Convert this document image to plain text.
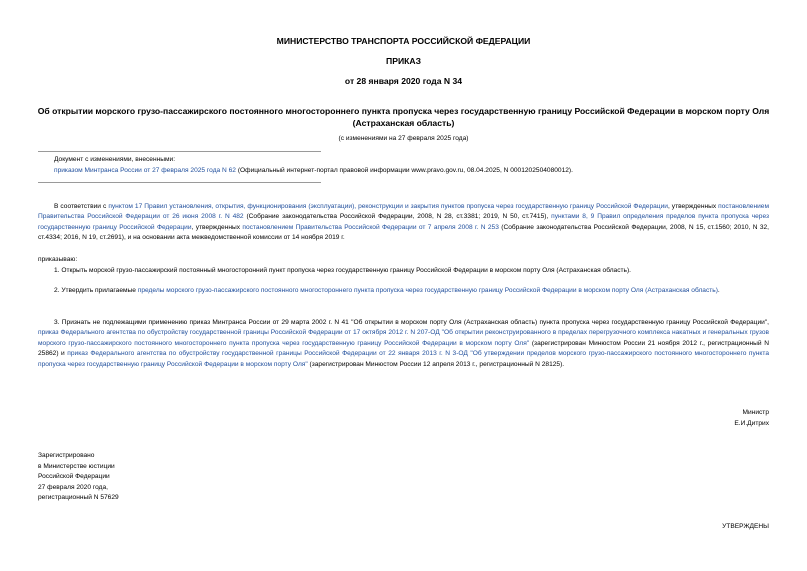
МИНИСТЕРСТВО ТРАНСПОРТА РОССИЙСКОЙ ФЕДЕРАЦИИ
ПРИКАЗ
от 28 января 2020 года N 34
Об открытии морского грузо-пассажирского постоянного многостороннего пункта пропуска через государственную границу Российской Федерации в морском порту Оля (Астраханская область)
(с изменениями на 27 февраля 2025 года)
Документ с изменениями, внесенными:
приказом Минтранса России от 27 февраля 2025 года N 62 (Официальный интернет-портал правовой информации www.pravo.gov.ru, 08.04.2025, N 0001202504080012).
В соответствии с пунктом 17 Правил установления, открытия, функционирования (эксплуатации), реконструкции и закрытия пунктов пропуска через государственную границу Российской Федерации, утвержденных постановлением Правительства Российской Федерации от 26 июня 2008 г. N 482 (Собрание законодательства Российской Федерации, 2008, N 28, ст.3381; 2019, N 50, ст.7415), пунктами 8, 9 Правил определения пределов пункта пропуска через государственную границу Российской Федерации, утвержденных постановлением Правительства Российской Федерации от 7 апреля 2008 г. N 253 (Собрание законодательства Российской Федерации, 2008, N 15, ст.1560; 2010, N 32, ст.4334; 2016, N 19, ст.2691), и на основании акта межведомственной комиссии от 14 ноября 2019 г.
приказываю:
1. Открыть морской грузо-пассажирский постоянный многосторонний пункт пропуска через государственную границу Российской Федерации в морском порту Оля (Астраханская область).
2. Утвердить прилагаемые пределы морского грузо-пассажирского постоянного многостороннего пункта пропуска через государственную границу Российской Федерации в морском порту Оля (Астраханская область).
3. Признать не подлежащими применению приказ Минтранса России от 29 марта 2002 г. N 41 "Об открытии в морском порту Оля (Астраханская область) пункта пропуска через государственную границу Российской Федерации", приказ Федерального агентства по обустройству государственной границы Российской Федерации от 17 октября 2012 г. N 207-ОД "Об открытии реконструированного в пределах перегрузочного комплекса накатных и генеральных грузов морского грузо-пассажирского постоянного многостороннего пункта пропуска через государственную границу Российской Федерации в морском порту Оля" (зарегистрирован Минюстом России 21 ноября 2012 г., регистрационный N 25862) и приказ Федерального агентства по обустройству государственной границы Российской Федерации от 22 января 2013 г. N 3-ОД "Об утверждении пределов морского грузо-пассажирского постоянного многостороннего пункта пропуска через государственную границу Российской Федерации в морском порту Оля" (зарегистрирован Минюстом России 12 апреля 2013 г., регистрационный N 28125).
Министр
Е.И.Дитрих
Зарегистрировано
в Министерстве юстиции
Российской Федерации
27 февраля 2020 года,
регистрационный N 57629
УТВЕРЖДЕНЫ
